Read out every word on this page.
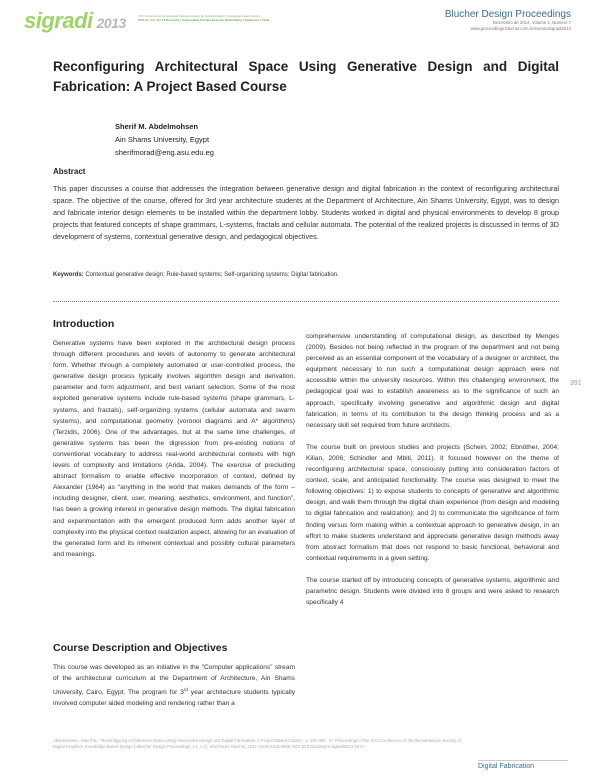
sigradi 2013	XVII Congreso de la Sociedad Iberoamericana de Gráfica Digital / Knowledge-based Design
XVII 13 / 14 / 15 / 16 November Universidad Técnica Federico Santa María / Valparaíso / Chile	Blucher Design Proceedings
Dezembro de 2014, Volume 1, Número 7
www.proceedings.blucher.com.br/evento/sigradi2013
Reconfiguring Architectural Space Using Generative Design and Digital Fabrication: A Project Based Course
Sherif M. Abdelmohsen
Ain Shams University, Egypt
sherifmorad@eng.asu.edu.eg
Abstract
This paper discusses a course that addresses the integration between generative design and digital fabrication in the context of reconfiguring architectural space. The objective of the course, offered for 3rd year architecture students at the Department of Architecture, Ain Shams University, Egypt, was to design and fabricate interior design elements to be installed within the department lobby. Students worked in digital and physical environments to develop 8 group projects that featured concepts of shape grammars, L-systems, fractals and cellular automata. The potential of the realized projects is discussed in terms of 3D development of systems, contextual generative design, and pedagogical objectives.
Keywords: Contextual generative design; Rule-based systems; Self-organizing systems; Digital fabrication.
Introduction
Generative systems have been explored in the architectural design process through different procedures and levels of autonomy to generate architectural form. Whether through a completely automated or user-controlled process, the generative design process typically involves algorithm design and derivation, parameter and form adjustment, and best variant selection. Some of the most exploited generative systems include rule-based systems (shape grammars, L-systems, and fractals), self-organizing systems (cellular automata and swarm systems), and computational geometry (voronoi diagrams and A* algorithms) (Terzidis, 2006). One of the advantages, but at the same time challenges, of generative systems has been the digression from pre-existing notions of conventional vocabulary to address real-world architectural contexts with high levels of complexity and limitations (Arida, 2004). The exercise of precluding abstract formalism to enable effective incorporation of context, defined by Alexander (1964) as “anything in the world that makes demands of the form – including designer, client, user, meaning, aesthetics, environment, and function”, has been a growing interest in generative design methods. The digital fabrication and experimentation with the emergent produced form adds another layer of complexity into the physical context realization aspect, allowing for an evaluation of the generated form and its inherent contextual and possibly cultural parameters and meanings.
Course Description and Objectives
This course was developed as an initiative in the “Computer applications” stream of the architectural curriculum at the Department of Architecture, Ain Shams University, Cairo, Egypt. The program for 3rd year architecture students typically involved computer aided modeling and rendering rather than a

comprehensive understanding of computational design, as described by Menges (2009). Besides not being reflected in the program of the department and not being perceived as an essential component of the vocabulary of a designer or architect, the equipment necessary to run such a computational design approach were not accessible within the university resources. Within this challenging environment, the pedagogical goal was to establish awareness as to the significance of such an approach, specifically involving generative and algorithmic design and digital fabrication, in terms of its contribution to the design thinking process and as a necessary skill set required from future architects.

The course built on previous studies and projects (Schein, 2002; Ebnöther, 2004; Kilian, 2006; Schindler and Mbiti, 2011). It focused however on the theme of reconfiguring architectural space, consciously putting into consideration factors of context, scale, and anticipated functionality. The course was designed to meet the following objectives: 1) to expose students to concepts of generative and algorithmic design, and walk them through the digital chain experience (from design and modeling to digital fabrication and realization); and 2) to communicate the significance of form finding versus form making within a contextual approach to generative design, in an effort to make students understand and appreciate generative design methods away from abstract formalism that does not respond to basic functional, behavioral and contextual requirements in a given setting.

The course started off by introducing concepts of generative systems, algorithmic and parametric design. Students were divided into 8 groups and were asked to research specifically 4

391
Abdelmohsen, Sherif M.; "Reconfiguring Architectural Space Using Generative Design and Digital Fabrication: A Project Based Course", p. 391-395 . In: Proceedings of the XVII Conference of the Iberoamerican Society of Digital Graphics: Knowledge-based Design [=Blucher Design Proceedings, v.1, n.7]. São Paulo: Blucher, 2014. ISSN 2318-6968, DOI 10.5151/despro-sigradi2013-0074
Digital Fabrication
